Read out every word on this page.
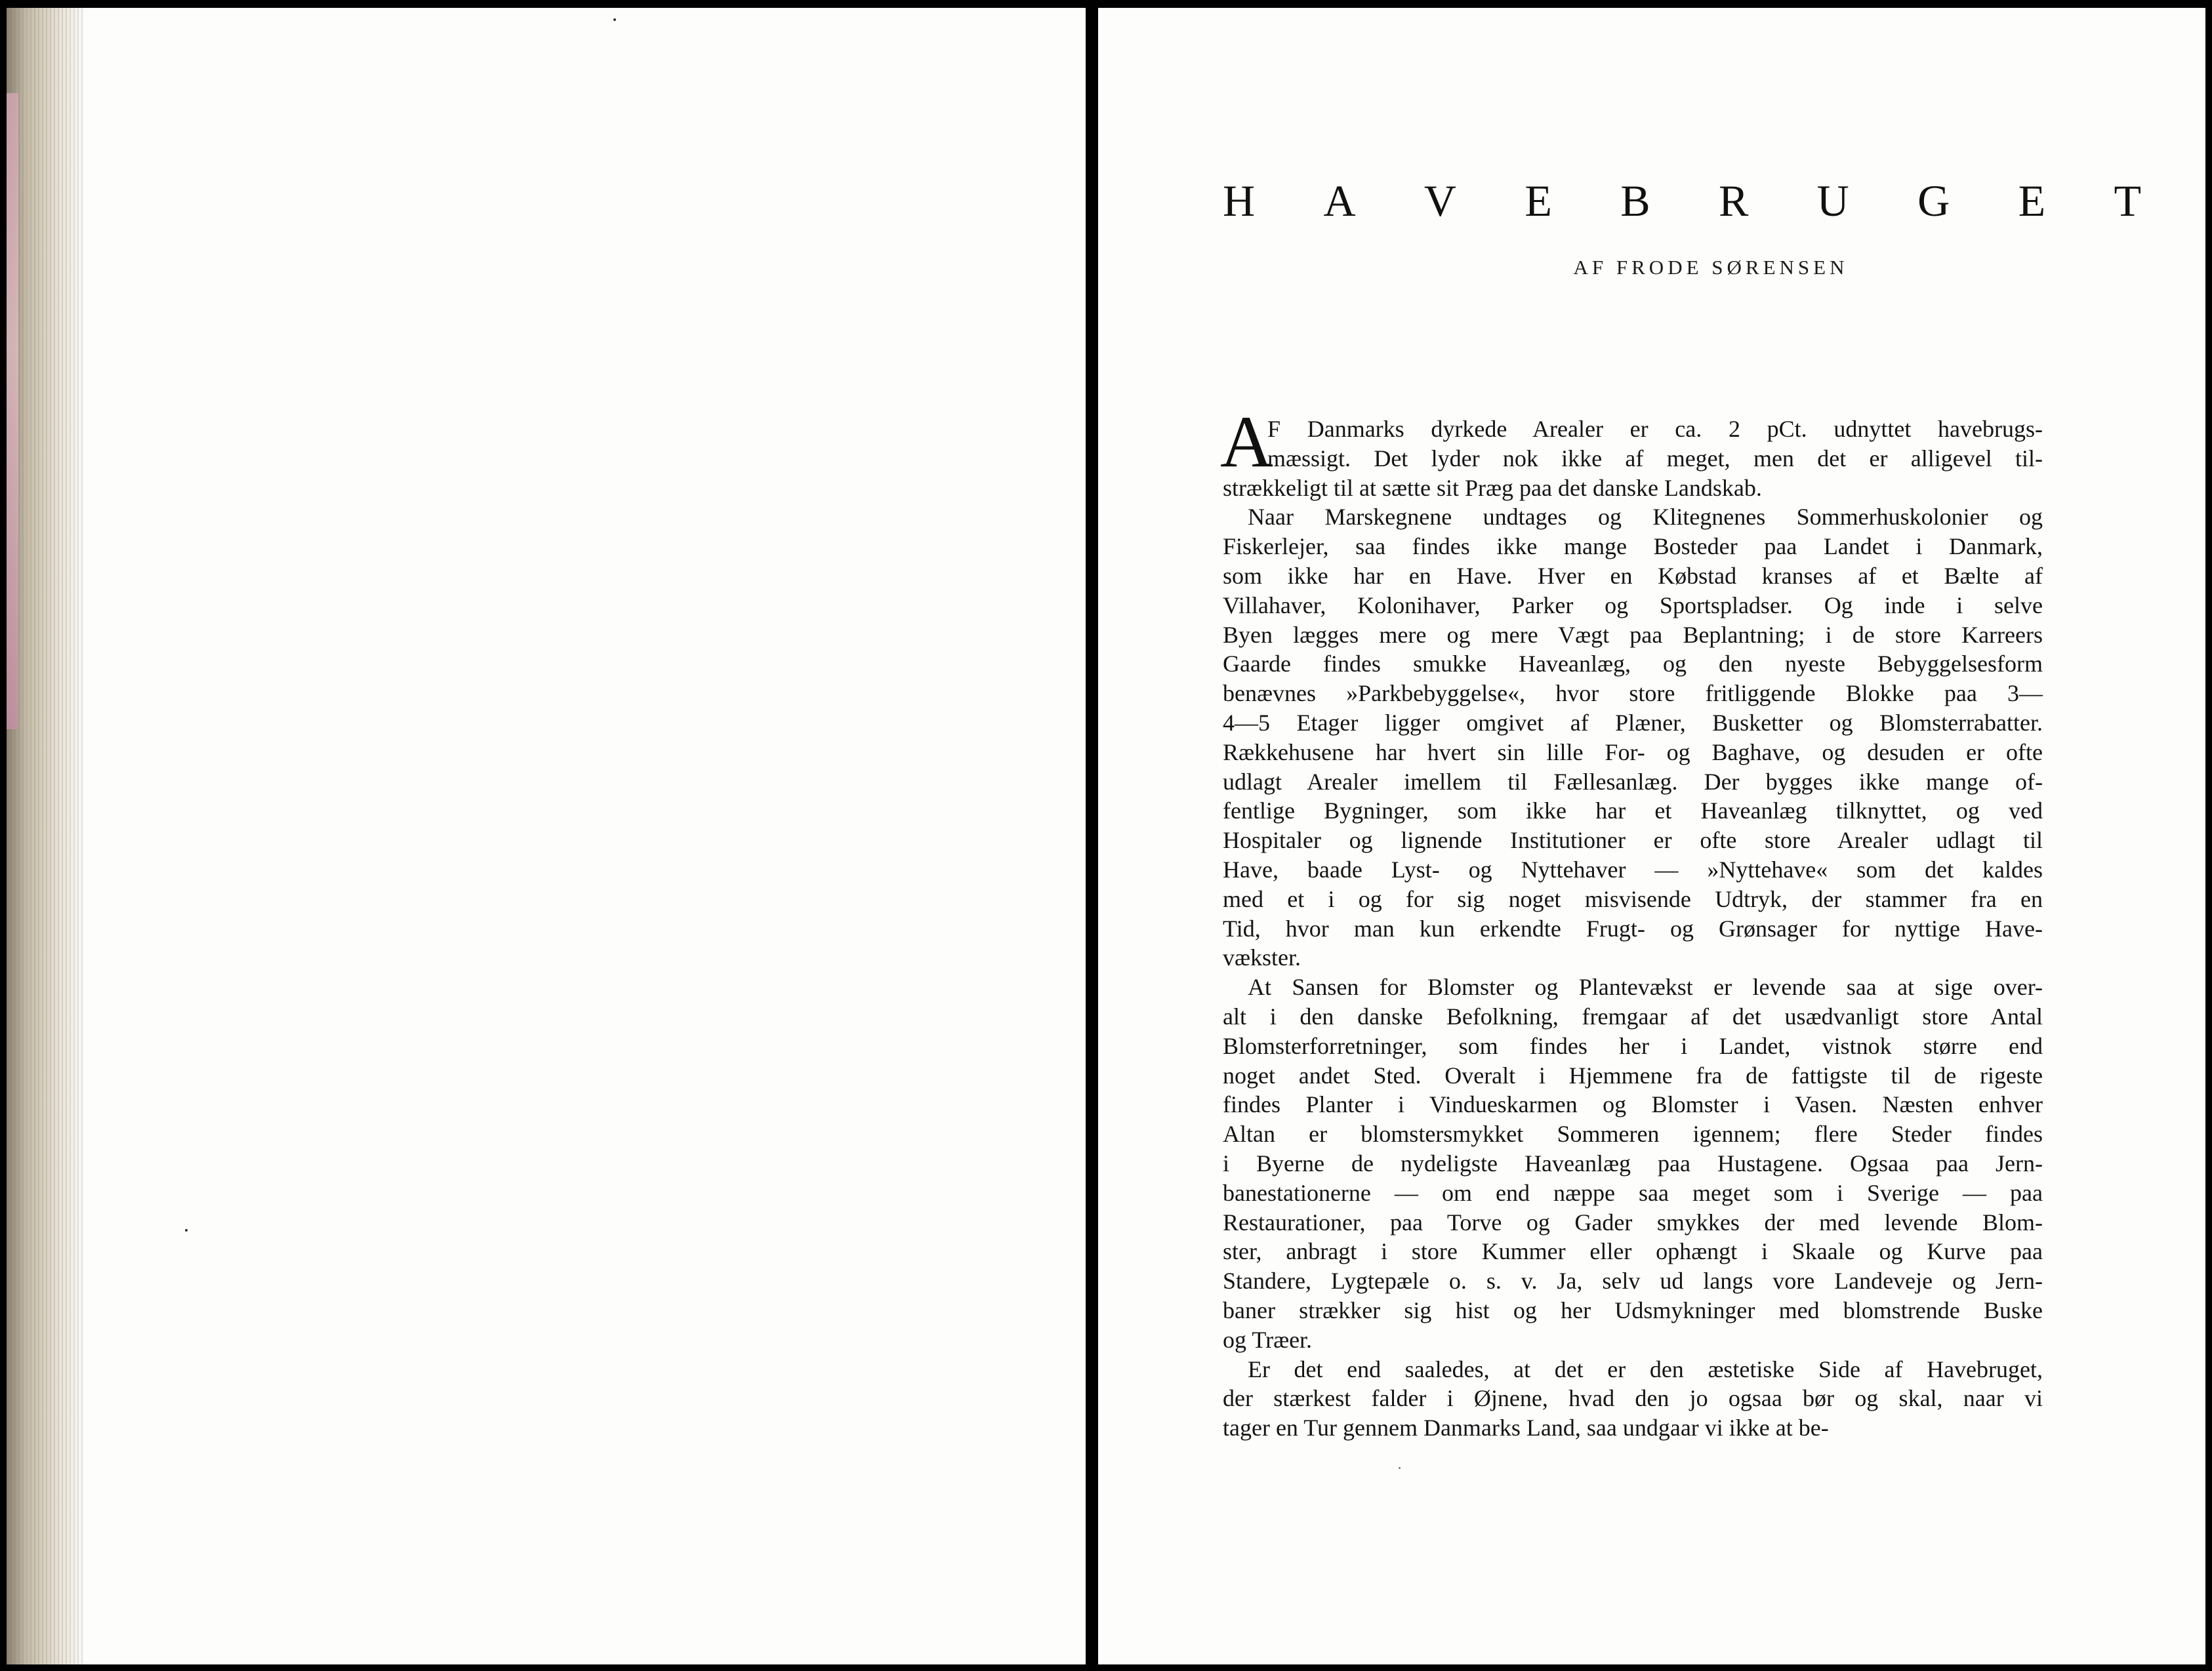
H A V E B R U G E T
AF FRODE SØRENSEN
A
F Danmarks dyrkede Arealer er ca. 2 pCt. udnyttet havebrugs-
mæssigt. Det lyder nok ikke af meget, men det er alligevel til-
strækkeligt til at sætte sit Præg paa det danske Landskab.
Naar Marskegnene undtages og Klitegnenes Sommerhuskolonier og
Fiskerlejer, saa findes ikke mange Bosteder paa Landet i Danmark,
som ikke har en Have. Hver en Købstad kranses af et Bælte af
Villahaver, Kolonihaver, Parker og Sportspladser. Og inde i selve
Byen lægges mere og mere Vægt paa Beplantning; i de store Karreers
Gaarde findes smukke Haveanlæg, og den nyeste Bebyggelsesform
benævnes »Parkbebyggelse«, hvor store fritliggende Blokke paa 3—
4—5 Etager ligger omgivet af Plæner, Busketter og Blomsterrabatter.
Rækkehusene har hvert sin lille For- og Baghave, og desuden er ofte
udlagt Arealer imellem til Fællesanlæg. Der bygges ikke mange of-
fentlige Bygninger, som ikke har et Haveanlæg tilknyttet, og ved
Hospitaler og lignende Institutioner er ofte store Arealer udlagt til
Have, baade Lyst- og Nyttehaver — »Nyttehave« som det kaldes
med et i og for sig noget misvisende Udtryk, der stammer fra en
Tid, hvor man kun erkendte Frugt- og Grønsager for nyttige Have-
vækster.
At Sansen for Blomster og Plantevækst er levende saa at sige over-
alt i den danske Befolkning, fremgaar af det usædvanligt store Antal
Blomsterforretninger, som findes her i Landet, vistnok større end
noget andet Sted. Overalt i Hjemmene fra de fattigste til de rigeste
findes Planter i Vindueskarmen og Blomster i Vasen. Næsten enhver
Altan er blomstersmykket Sommeren igennem; flere Steder findes
i Byerne de nydeligste Haveanlæg paa Hustagene. Ogsaa paa Jern-
banestationerne — om end næppe saa meget som i Sverige — paa
Restaurationer, paa Torve og Gader smykkes der med levende Blom-
ster, anbragt i store Kummer eller ophængt i Skaale og Kurve paa
Standere, Lygtepæle o. s. v. Ja, selv ud langs vore Landeveje og Jern-
baner strækker sig hist og her Udsmykninger med blomstrende Buske
og Træer.
Er det end saaledes, at det er den æstetiske Side af Havebruget,
der stærkest falder i Øjnene, hvad den jo ogsaa bør og skal, naar vi
tager en Tur gennem Danmarks Land, saa undgaar vi ikke at be-
